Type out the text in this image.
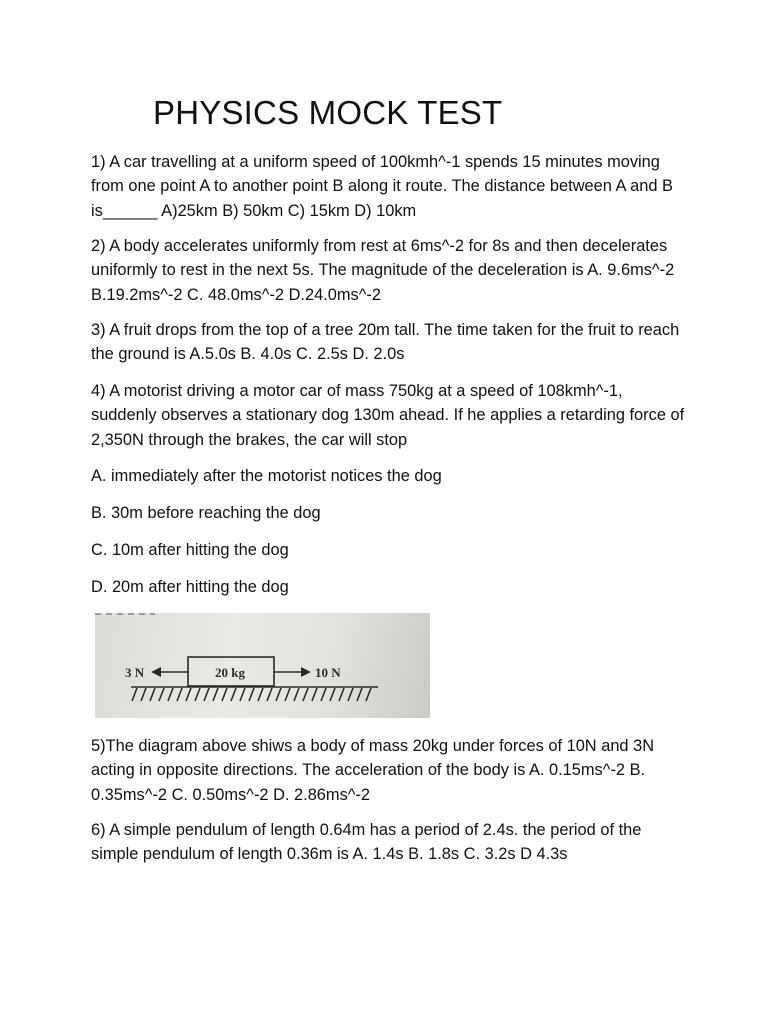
PHYSICS MOCK TEST

1) A car travelling at a uniform speed of 100kmh^-1 spends 15 minutes moving from one point A to another point B along it route. The distance between A and B is______ A)25km B) 50km C) 15km D) 10km

2) A body accelerates uniformly from rest at 6ms^-2 for 8s and then decelerates uniformly to rest in the next 5s. The magnitude of the deceleration is A. 9.6ms^-2 B.19.2ms^-2 C. 48.0ms^-2 D.24.0ms^-2

3) A fruit drops from the top of a tree 20m tall. The time taken for the fruit to reach the ground is A.5.0s B. 4.0s C. 2.5s D. 2.0s

4) A motorist driving a motor car of mass 750kg at a speed of 108kmh^-1, suddenly observes a stationary dog 130m ahead. If he applies a retarding force of 2,350N through the brakes, the car will stop

A. immediately after the motorist notices the dog

B. 30m before reaching the dog

C. 10m after hitting the dog

D. 20m after hitting the dog

3 N	20 kg	10 N

5)The diagram above shiws a body of mass 20kg under forces of 10N and 3N acting in opposite directions. The acceleration of the body is A. 0.15ms^-2 B. 0.35ms^-2 C. 0.50ms^-2 D. 2.86ms^-2

6) A simple pendulum of length 0.64m has a period of 2.4s. the period of the simple pendulum of length 0.36m is A. 1.4s B. 1.8s C. 3.2s D 4.3s
